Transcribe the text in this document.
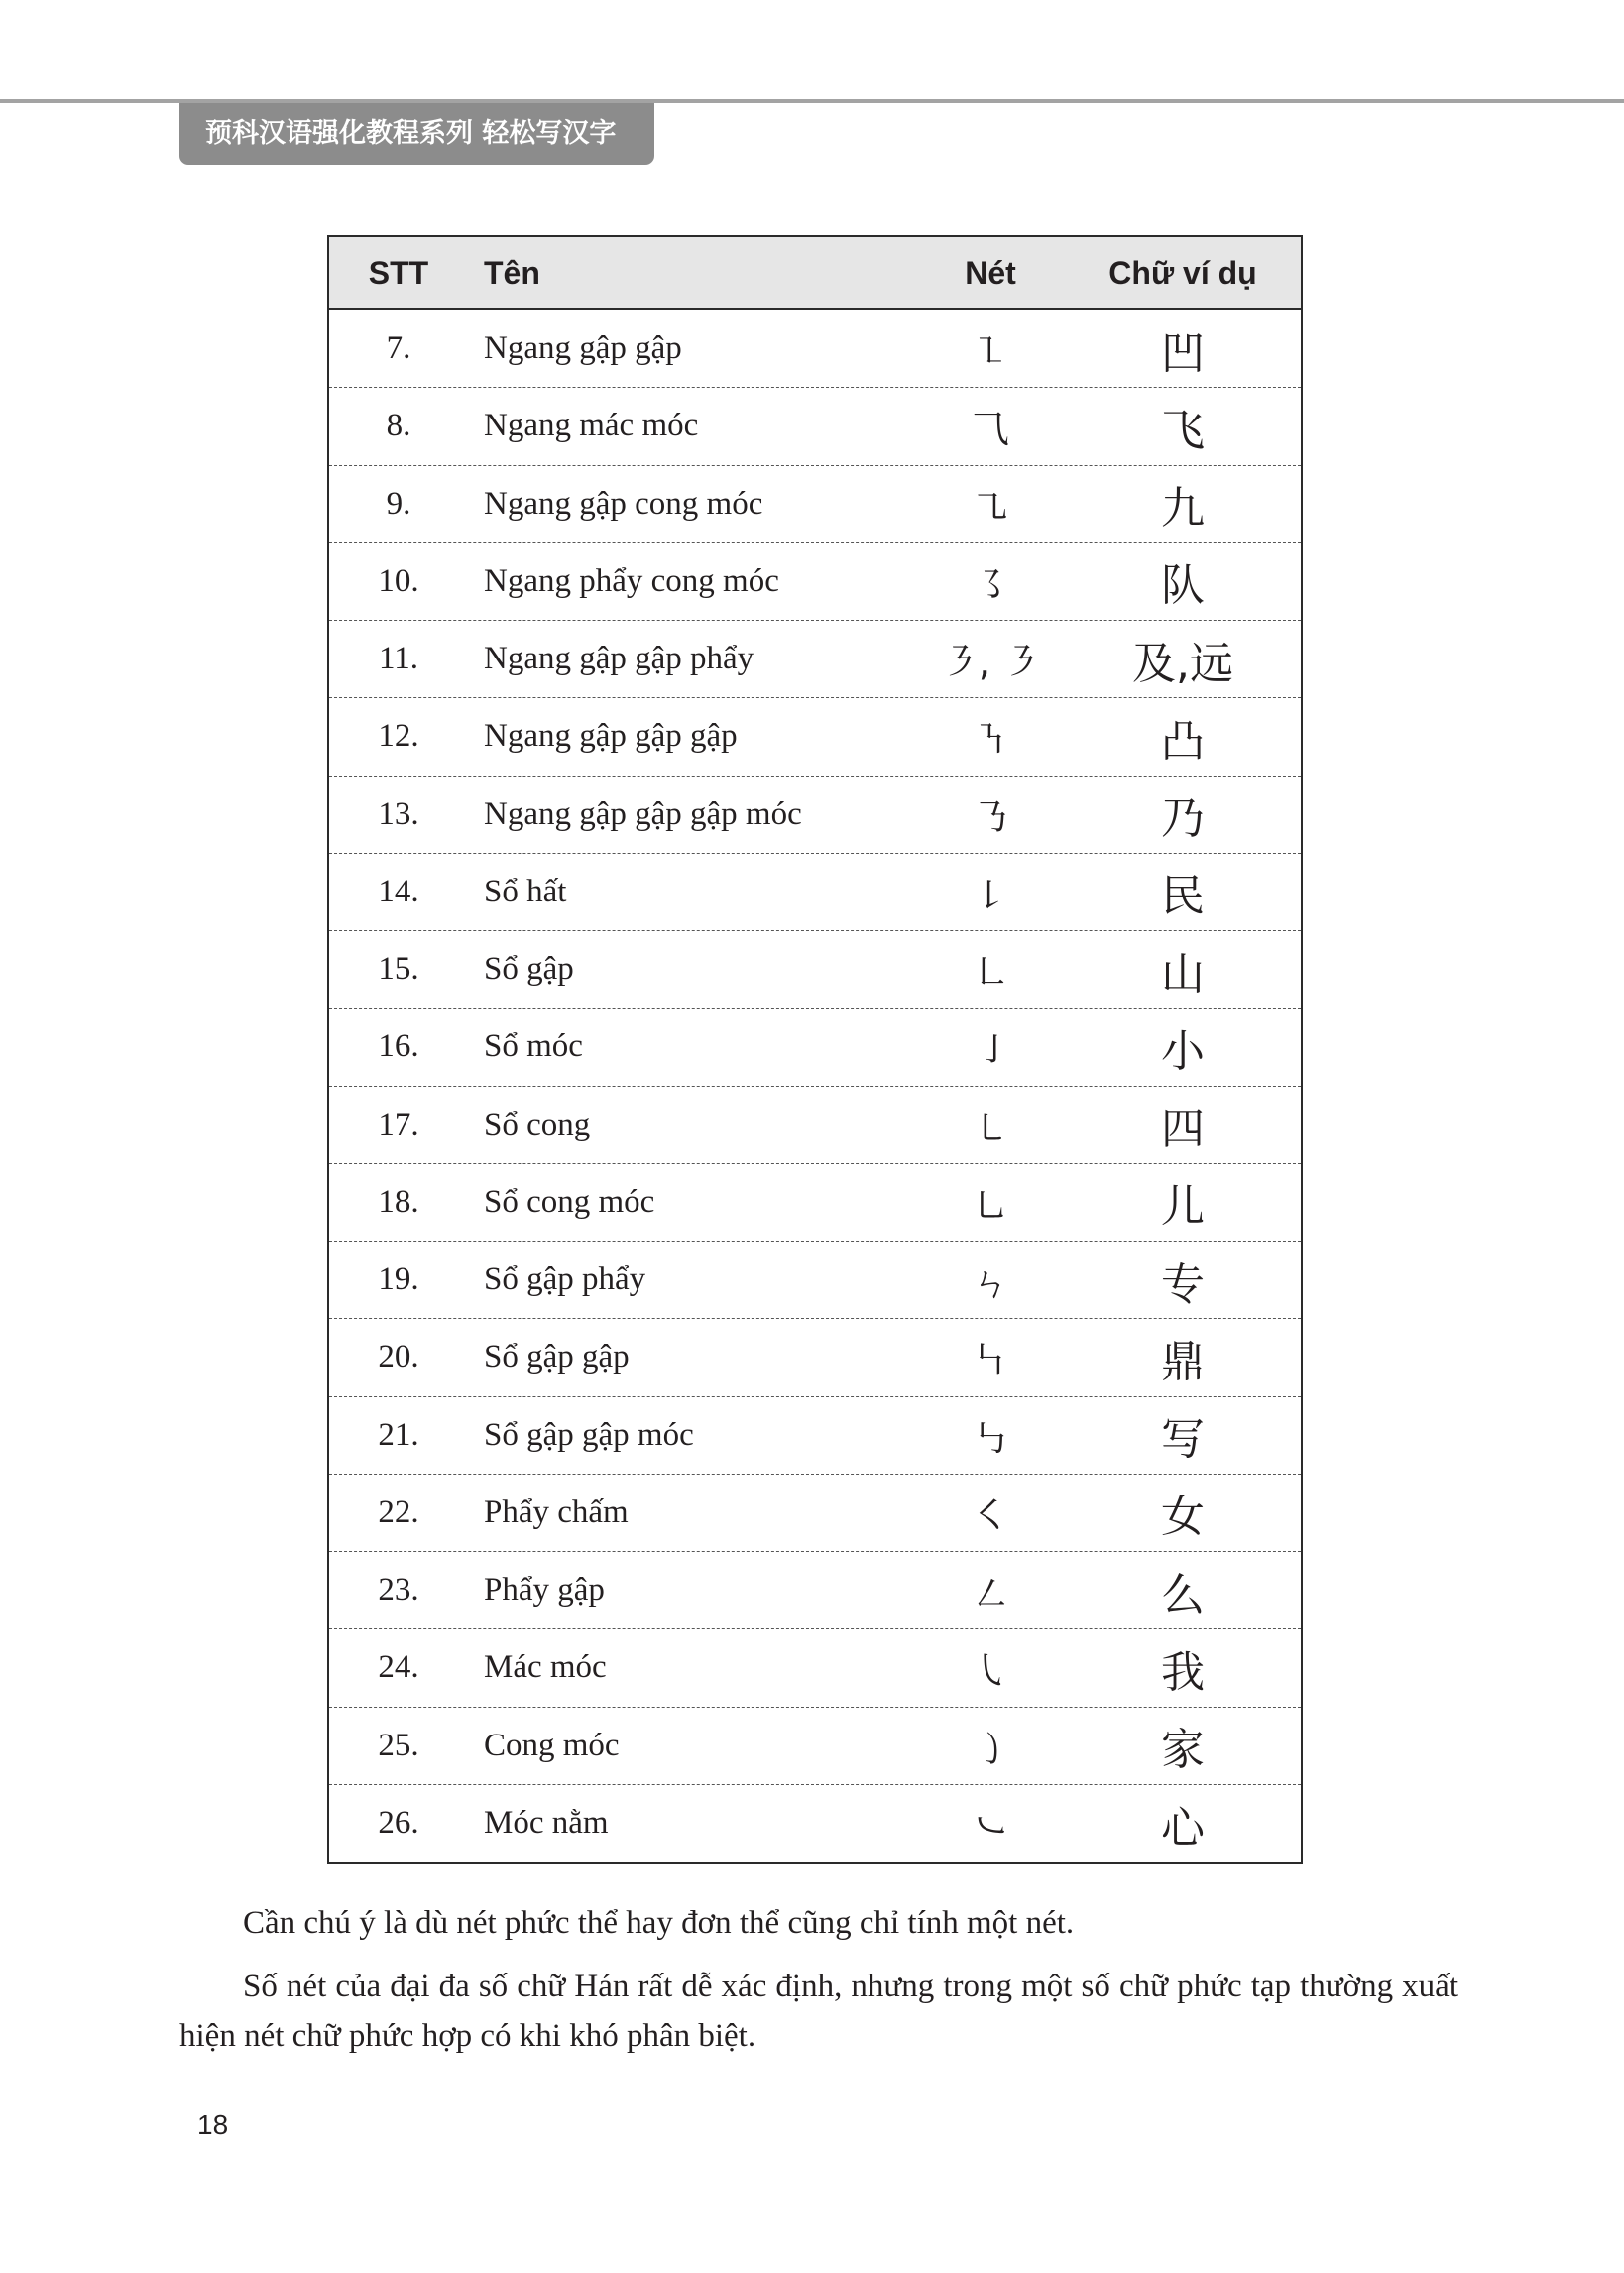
预科汉语强化教程系列 轻松写汉字
STT	Tên	Nét	Chữ ví dụ
7.	Ngang gập gập	㇅	凹
8.	Ngang mác móc	⺄	飞
9.	Ngang gập cong móc	㇈	九
10.	Ngang phẩy cong móc	㇌	队
11.	Ngang gập gập phẩy	㇋, ㇋	及,远
12.	Ngang gập gập gập	㇎	凸
13.	Ngang gập gập gập móc	㇡	乃
14.	Sổ hất	㇙	民
15.	Sổ gập	㇗	山
16.	Sổ móc	㇚	小
17.	Sổ cong	㇄	四
18.	Sổ cong móc	㇟	儿
19.	Sổ gập phẩy	ㄣ	专
20.	Sổ gập gập	㇞	鼎
21.	Sổ gập gập móc	㇉	写
22.	Phẩy chấm	㇛	女
23.	Phẩy gập	㇜	么
24.	Mác móc	㇂	我
25.	Cong móc	㇁	家
26.	Móc nằm	㇃	心

Cần chú ý là dù nét phức thể hay đơn thể cũng chỉ tính một nét.

Số nét của đại đa số chữ Hán rất dễ xác định, nhưng trong một số chữ phức tạp thường xuất hiện nét chữ phức hợp có khi khó phân biệt.

18
